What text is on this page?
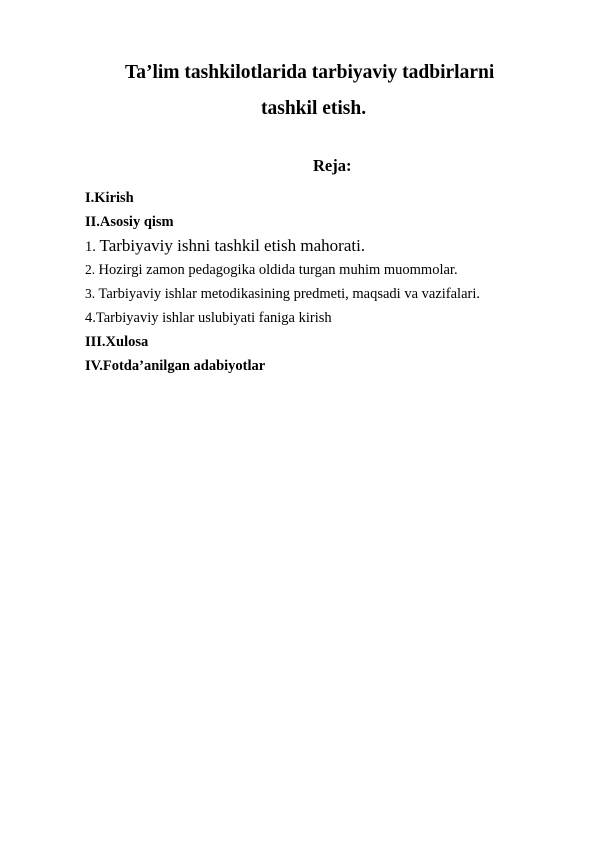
Ta’lim tashkilotlarida tarbiyaviy tadbirlarni
tashkil etish.
Reja:
I.Kirish
II.Asosiy qism
1. Tarbiyaviy ishni tashkil etish mahorati.
2. Hozirgi zamon pedagogika oldida turgan muhim muommolar.
3. Tarbiyaviy ishlar metodikasining predmeti, maqsadi va vazifalari.
4.Tarbiyaviy ishlar uslubiyati faniga kirish
III.Xulosa
IV.Fotda’anilgan adabiyotlar
